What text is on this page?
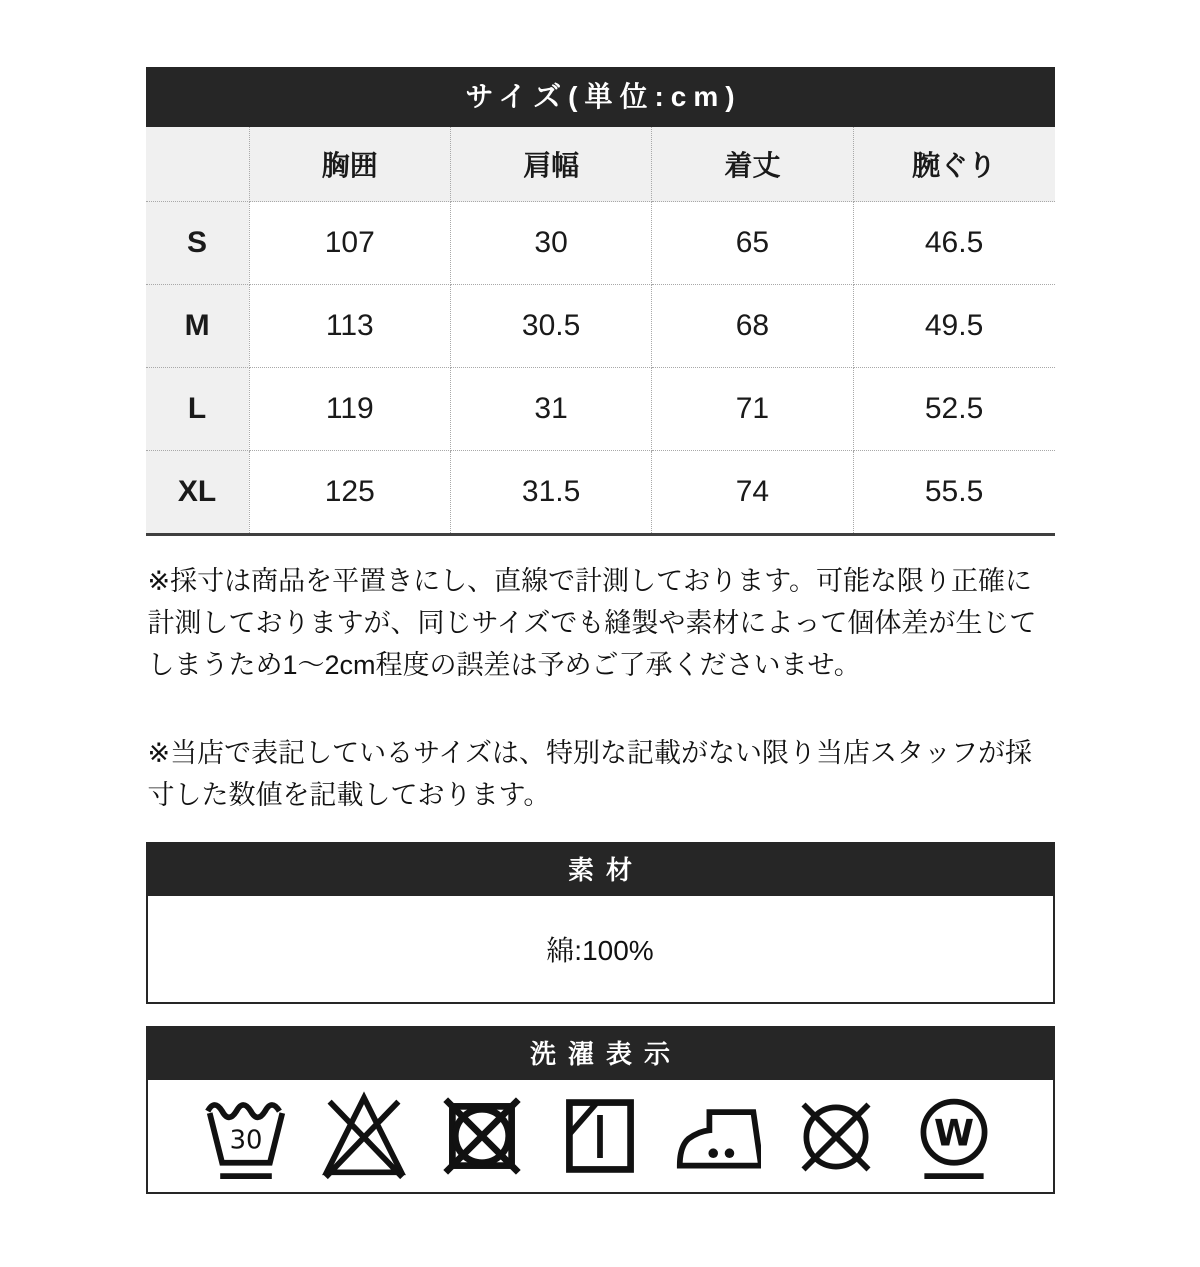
サイズ(単位:cm)
	胸囲	肩幅	着丈	腕ぐり
S	107	30	65	46.5
M	113	30.5	68	49.5
L	119	31	71	52.5
XL	125	31.5	74	55.5

※採寸は商品を平置きにし、直線で計測しております。可能な限り正確に計測しておりますが、同じサイズでも縫製や素材によって個体差が生じてしまうため1〜2cm程度の誤差は予めご了承くださいませ。

※当店で表記しているサイズは、特別な記載がない限り当店スタッフが採寸した数値を記載しております。

素材
綿:100%
洗濯表示
30	W
